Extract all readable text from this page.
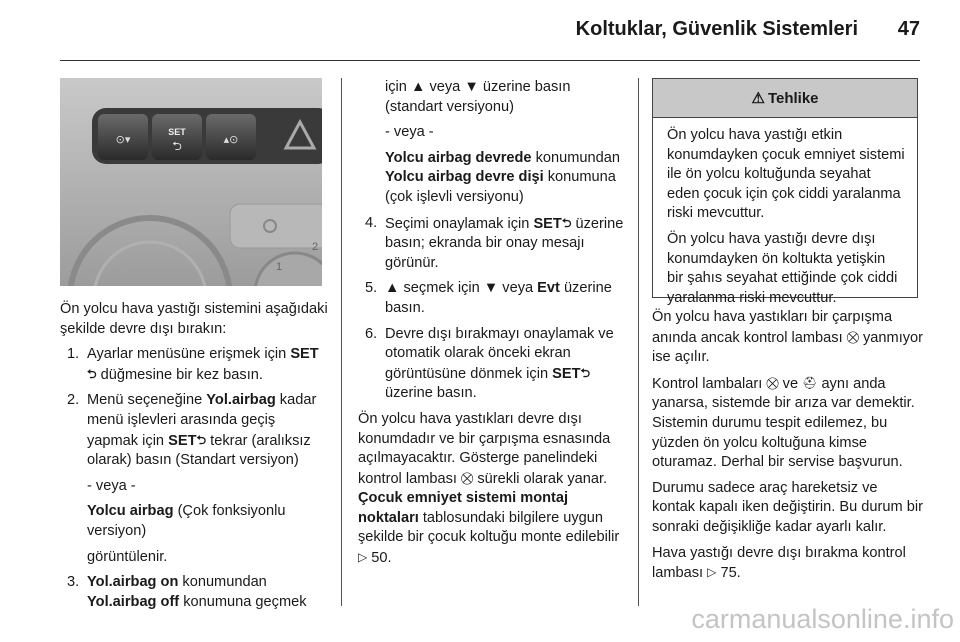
Koltuklar, Güvenlik Sistemleri 47
⊙▾
SET
⮌	▴⊙
1
2

Ön yolcu hava yastığı sistemini aşağıdaki şekilde devre dışı bırakın:

1. Ayarlar menüsüne erişmek için SET⮌ düğmesine bir kez basın.
2. Menü seçeneğine Yol.airbag kadar menü işlevleri arasında geçiş yapmak için SET⮌ tekrar (aralıksız olarak) basın (Standart versiyon)

- veya -

Yolcu airbag (Çok fonksiyonlu versiyon)

görüntülenir.

3. Yol.airbag on konumundan Yol.airbag off konumuna geçmek

için ▲ veya ▼ üzerine basın (standart versiyonu)

- veya -

Yolcu airbag devrede konumundan Yolcu airbag devre dişi konumuna (çok işlevli versiyonu)

4. Seçimi onaylamak için SET⮌ üzerine basın; ekranda bir onay mesajı görünür.
5. ▲ seçmek için ▼ veya Evt üzerine basın.
6. Devre dışı bırakmayı onaylamak ve otomatik olarak önceki ekran görüntüsüne dönmek için SET⮌ üzerine basın.

Ön yolcu hava yastıkları devre dışı konumdadır ve bir çarpışma esnasında açılmayacaktır. Gösterge panelindeki kontrol lambası ⛒ sürekli olarak yanar. Çocuk emniyet sistemi montaj noktaları tablosundaki bilgilere uygun şekilde bir çocuk koltuğu monte edilebilir ▷ 50.

⚠ Tehlike

Ön yolcu hava yastığı etkin konumdayken çocuk emniyet sistemi ile ön yolcu koltuğunda seyahat eden çocuk için çok ciddi yaralanma riski mevcuttur.

Ön yolcu hava yastığı devre dışı konumdayken ön koltukta yetişkin bir şahıs seyahat ettiğinde çok ciddi yaralanma riski mevcuttur.

Ön yolcu hava yastıkları bir çarpışma anında ancak kontrol lambası ⛒ yanmıyor ise açılır.

Kontrol lambaları ⛒ ve ⛑ aynı anda yanarsa, sistemde bir arıza var demektir. Sistemin durumu tespit edilemez, bu yüzden ön yolcu koltuğuna kimse oturamaz. Derhal bir servise başvurun.

Durumu sadece araç hareketsiz ve kontak kapalı iken değiştirin. Bu durum bir sonraki değişikliğe kadar ayarlı kalır.

Hava yastığı devre dışı bırakma kontrol lambası ▷ 75.

carmanualsonline.info
